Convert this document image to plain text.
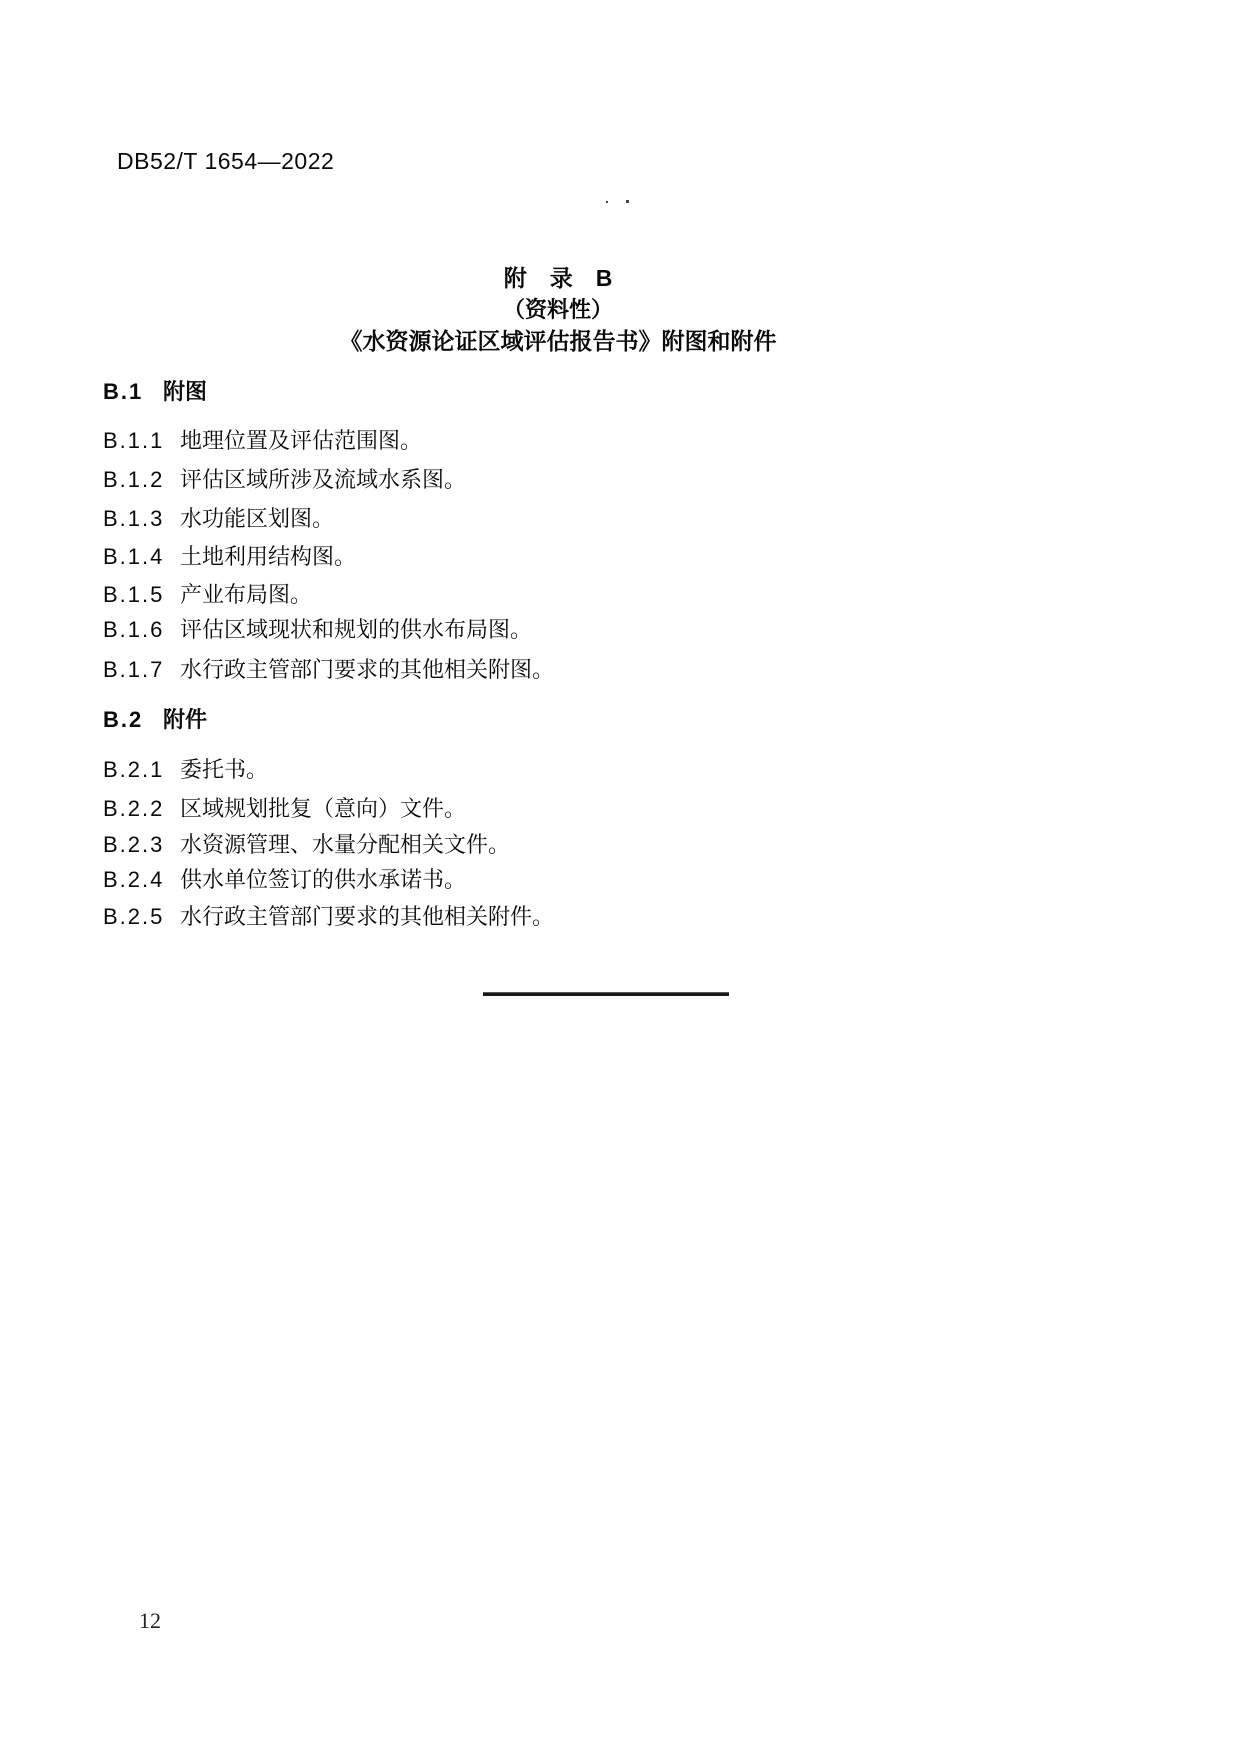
DB52/T 1654—2022
附　录　B
（资料性）
《水资源论证区域评估报告书》附图和附件
B.1 附图
B.1.1 地理位置及评估范围图。
B.1.2 评估区域所涉及流域水系图。
B.1.3 水功能区划图。
B.1.4 土地利用结构图。
B.1.5 产业布局图。
B.1.6 评估区域现状和规划的供水布局图。
B.1.7 水行政主管部门要求的其他相关附图。
B.2 附件
B.2.1 委托书。
B.2.2 区域规划批复（意向）文件。
B.2.3 水资源管理、水量分配相关文件。
B.2.4 供水单位签订的供水承诺书。
B.2.5 水行政主管部门要求的其他相关附件。
12
